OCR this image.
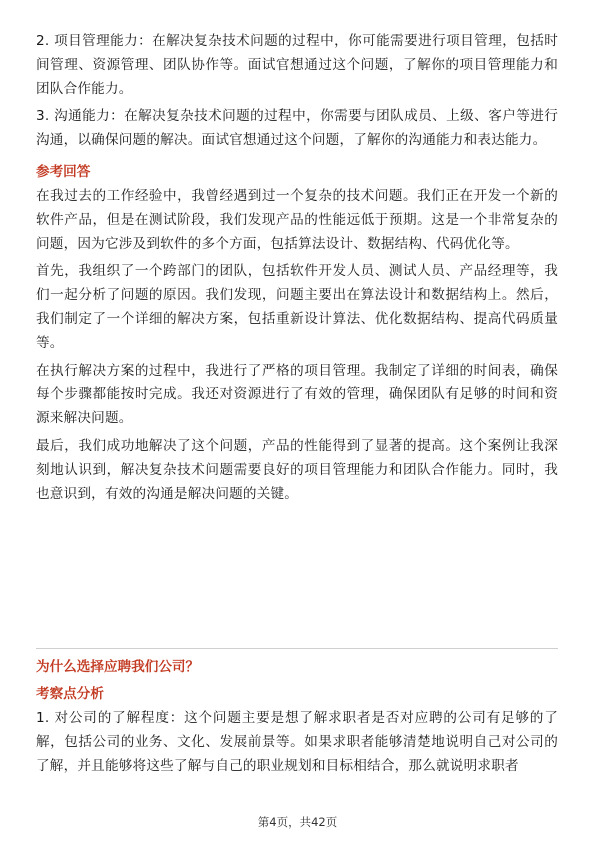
2. 项目管理能力：在解决复杂技术问题的过程中，你可能需要进行项目管理，包括时间管理、资源管理、团队协作等。面试官想通过这个问题，了解你的项目管理能力和团队合作能力。

3. 沟通能力：在解决复杂技术问题的过程中，你需要与团队成员、上级、客户等进行沟通，以确保问题的解决。面试官想通过这个问题，了解你的沟通能力和表达能力。

参考回答

在我过去的工作经验中，我曾经遇到过一个复杂的技术问题。我们正在开发一个新的软件产品，但是在测试阶段，我们发现产品的性能远低于预期。这是一个非常复杂的问题，因为它涉及到软件的多个方面，包括算法设计、数据结构、代码优化等。

首先，我组织了一个跨部门的团队，包括软件开发人员、测试人员、产品经理等，我们一起分析了问题的原因。我们发现，问题主要出在算法设计和数据结构上。然后，我们制定了一个详细的解决方案，包括重新设计算法、优化数据结构、提高代码质量等。

在执行解决方案的过程中，我进行了严格的项目管理。我制定了详细的时间表，确保每个步骤都能按时完成。我还对资源进行了有效的管理，确保团队有足够的时间和资源来解决问题。

最后，我们成功地解决了这个问题，产品的性能得到了显著的提高。这个案例让我深刻地认识到，解决复杂技术问题需要良好的项目管理能力和团队合作能力。同时，我也意识到，有效的沟通是解决问题的关键。

为什么选择应聘我们公司？
考察点分析

1. 对公司的了解程度：这个问题主要是想了解求职者是否对应聘的公司有足够的了解，包括公司的业务、文化、发展前景等。如果求职者能够清楚地说明自己对公司的了解，并且能够将这些了解与自己的职业规划和目标相结合，那么就说明求职者

第4页，共42页
